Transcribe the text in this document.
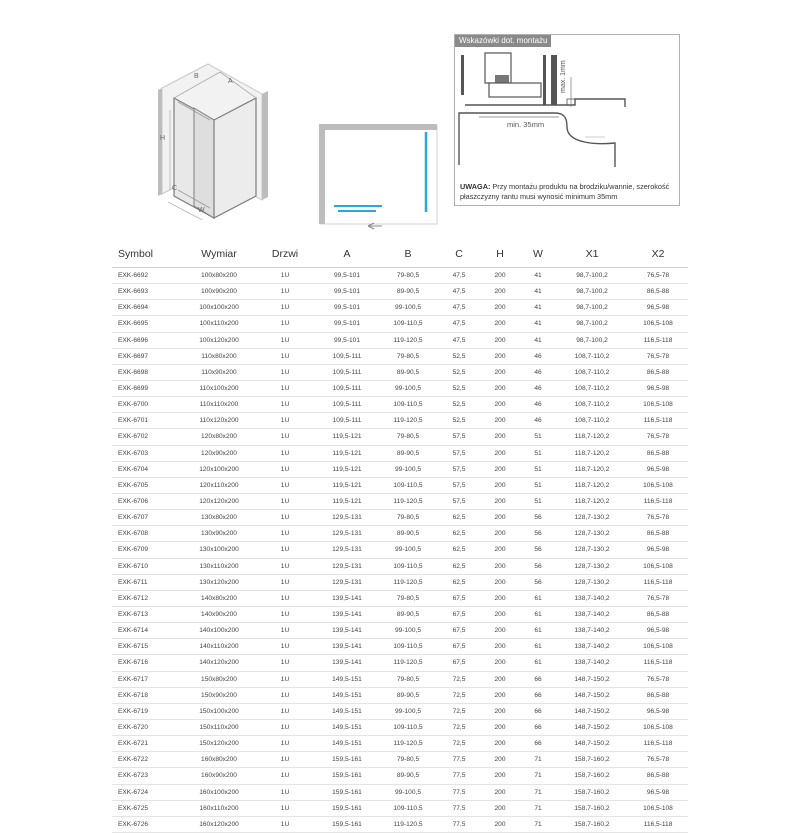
B
A
H
C
W
Wskazówki dot. montażu
min. 35mm
max. 1mm
UWAGA: Przy montażu produktu na brodziku/wannie, szerokość płaszczyzny rantu musi wynosić minimum 35mm
Symbol	Wymiar	Drzwi	A	B	C	H	W	X1	X2
EXK-6692	100x80x200	1U	99,5-101	79-80,5	47,5	200	41	98,7-100,2	76,5-78
EXK-6693	100x90x200	1U	99,5-101	89-90,5	47,5	200	41	98,7-100,2	86,5-88
EXK-6694	100x100x200	1U	99,5-101	99-100,5	47,5	200	41	98,7-100,2	96,5-98
EXK-6695	100x110x200	1U	99,5-101	109-110,5	47,5	200	41	98,7-100,2	106,5-108
EXK-6696	100x120x200	1U	99,5-101	119-120,5	47,5	200	41	98,7-100,2	116,5-118
EXK-6697	110x80x200	1U	109,5-111	79-80,5	52,5	200	46	108,7-110,2	76,5-78
EXK-6698	110x90x200	1U	109,5-111	89-90,5	52,5	200	46	108,7-110,2	86,5-88
EXK-6699	110x100x200	1U	109,5-111	99-100,5	52,5	200	46	108,7-110,2	96,5-98
EXK-6700	110x110x200	1U	109,5-111	109-110,5	52,5	200	46	108,7-110,2	106,5-108
EXK-6701	110x120x200	1U	109,5-111	119-120,5	52,5	200	46	108,7-110,2	116,5-118
EXK-6702	120x80x200	1U	119,5-121	79-80,5	57,5	200	51	118,7-120,2	76,5-78
EXK-6703	120x90x200	1U	119,5-121	89-90,5	57,5	200	51	118,7-120,2	86,5-88
EXK-6704	120x100x200	1U	119,5-121	99-100,5	57,5	200	51	118,7-120,2	96,5-98
EXK-6705	120x110x200	1U	119,5-121	109-110,5	57,5	200	51	118,7-120,2	106,5-108
EXK-6706	120x120x200	1U	119,5-121	119-120,5	57,5	200	51	118,7-120,2	116,5-118
EXK-6707	130x80x200	1U	129,5-131	79-80,5	62,5	200	56	128,7-130,2	76,5-78
EXK-6708	130x90x200	1U	129,5-131	89-90,5	62,5	200	56	128,7-130,2	86,5-88
EXK-6709	130x100x200	1U	129,5-131	99-100,5	62,5	200	56	128,7-130,2	96,5-98
EXK-6710	130x110x200	1U	129,5-131	109-110,5	62,5	200	56	128,7-130,2	106,5-108
EXK-6711	130x120x200	1U	129,5-131	119-120,5	62,5	200	56	128,7-130,2	116,5-118
EXK-6712	140x80x200	1U	139,5-141	79-80,5	67,5	200	61	138,7-140,2	76,5-78
EXK-6713	140x90x200	1U	139,5-141	89-90,5	67,5	200	61	138,7-140,2	86,5-88
EXK-6714	140x100x200	1U	139,5-141	99-100,5	67,5	200	61	138,7-140,2	96,5-98
EXK-6715	140x110x200	1U	139,5-141	109-110,5	67,5	200	61	138,7-140,2	106,5-108
EXK-6716	140x120x200	1U	139,5-141	119-120,5	67,5	200	61	138,7-140,2	116,5-118
EXK-6717	150x80x200	1U	149,5-151	79-80,5	72,5	200	66	148,7-150,2	76,5-78
EXK-6718	150x90x200	1U	149,5-151	89-90,5	72,5	200	66	148,7-150,2	86,5-88
EXK-6719	150x100x200	1U	149,5-151	99-100,5	72,5	200	66	148,7-150,2	96,5-98
EXK-6720	150x110x200	1U	149,5-151	109-110,5	72,5	200	66	148,7-150,2	106,5-108
EXK-6721	150x120x200	1U	149,5-151	119-120,5	72,5	200	66	148,7-150,2	116,5-118
EXK-6722	160x80x200	1U	159,5-161	79-80,5	77,5	200	71	158,7-160,2	76,5-78
EXK-6723	160x90x200	1U	159,5-161	89-90,5	77,5	200	71	158,7-160,2	86,5-88
EXK-6724	160x100x200	1U	159,5-161	99-100,5	77,5	200	71	158,7-160,2	96,5-98
EXK-6725	160x110x200	1U	159,5-161	109-110,5	77,5	200	71	158,7-160,2	106,5-108
EXK-6726	160x120x200	1U	159,5-161	119-120,5	77,5	200	71	158,7-160,2	116,5-118
